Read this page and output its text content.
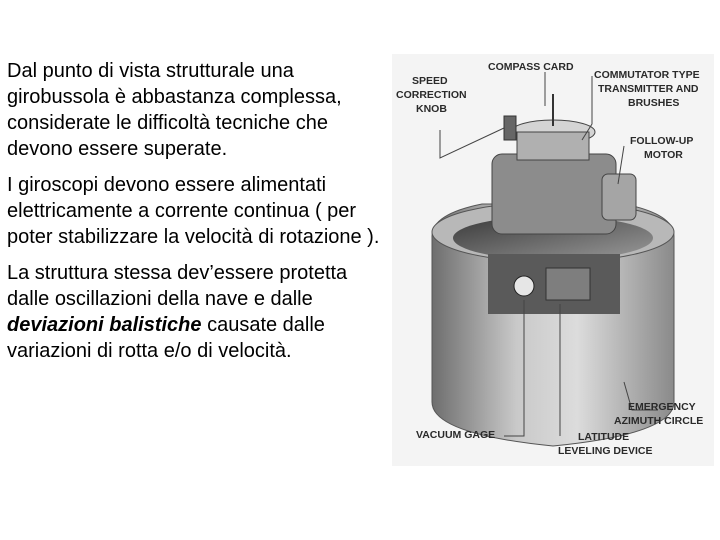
Dal punto di vista strutturale una girobussola è abbastanza complessa, considerate le difficoltà tecniche che devono essere superate.

I giroscopi devono essere alimentati elettricamente a corrente continua ( per poter stabilizzare la velocità di rotazione ).

La struttura stessa dev’essere protetta dalle oscillazioni della nave e dalle deviazioni balistiche causate dalle variazioni di rotta e/o di velocità.

COMPASS CARD
SPEED
CORRECTION
KNOB
COMMUTATOR TYPE
TRANSMITTER AND
BRUSHES
FOLLOW-UP
MOTOR
EMERGENCY
AZIMUTH CIRCLE
VACUUM GAGE	LATITUDE
LEVELING DEVICE
